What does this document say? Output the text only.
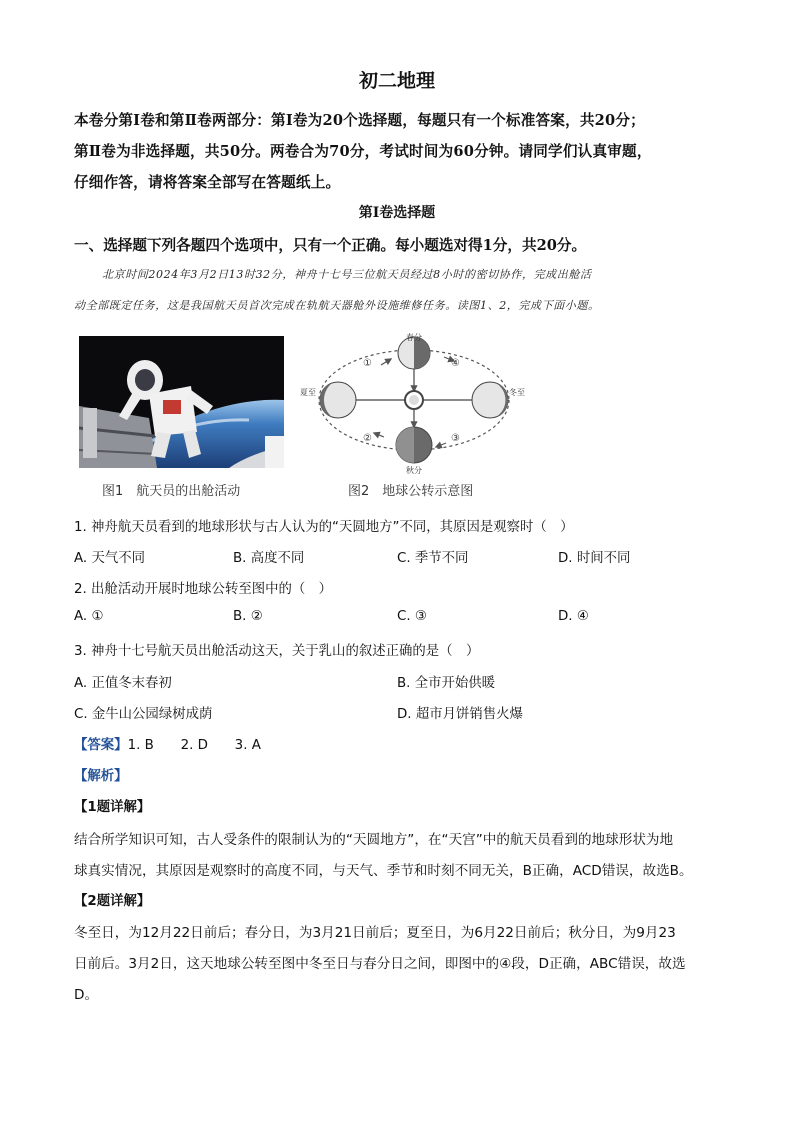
初二地理
本卷分第Ⅰ卷和第Ⅱ卷两部分：第Ⅰ卷为20个选择题，每题只有一个标准答案，共20分；
第Ⅱ卷为非选择题，共50分。两卷合为70分，考试时间为60分钟。请同学们认真审题，
仔细作答，请将答案全部写在答题纸上。
第Ⅰ卷选择题
一、选择题下列各题四个选项中，只有一个正确。每小题选对得1分，共20分。
北京时间2024年3月2日13时32分，神舟十七号三位航天员经过8小时的密切协作，完成出舱活
动全部既定任务，这是我国航天员首次完成在轨航天器舱外设施维修任务。读图1、2，完成下面小题。
春分
秋分
夏至	冬至
①	④
②	③
图1　航天员的出舱活动	图2　地球公转示意图
1. 神舟航天员看到的地球形状与古人认为的“天圆地方”不同，其原因是观察时（　）
A. 天气不同	B. 高度不同	C. 季节不同	D. 时间不同
2. 出舱活动开展时地球公转至图中的（　）
A. ①	B. ②	C. ③	D. ④
3. 神舟十七号航天员出舱活动这天，关于乳山的叙述正确的是（　）
A. 正值冬末春初	B. 全市开始供暖
C. 金牛山公园绿树成荫	D. 超市月饼销售火爆
【答案】1. B　　2. D　　3. A
【解析】
【1题详解】
结合所学知识可知，古人受条件的限制认为的“天圆地方”，在“天宫”中的航天员看到的地球形状为地
球真实情况，其原因是观察时的高度不同，与天气、季节和时刻不同无关，B正确，ACD错误，故选B。
【2题详解】
冬至日，为12月22日前后；春分日，为3月21日前后；夏至日，为6月22日前后；秋分日，为9月23
日前后。3月2日，这天地球公转至图中冬至日与春分日之间，即图中的④段，D正确，ABC错误，故选
D。
